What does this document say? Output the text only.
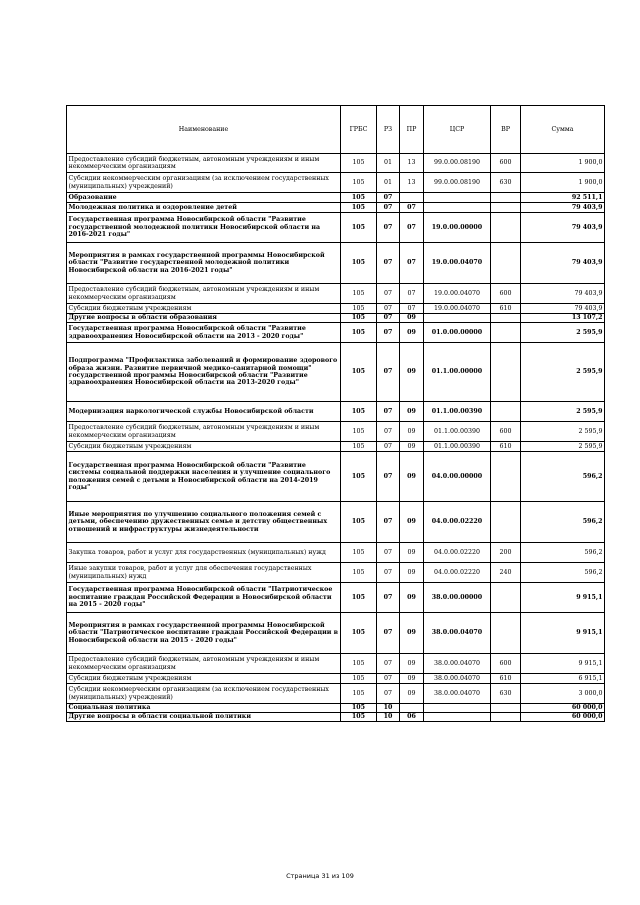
Наименование	ГРБС	РЗ	ПР	ЦСР	ВР	Сумма
Предоставление субсидий бюджетным, автономным учреждениям и иным некоммерческим организациям	105	01	13	99.0.00.08190	600	1 900,0
Субсидии некоммерческим организациям (за исключением государственных (муниципальных) учреждений)	105	01	13	99.0.00.08190	630	1 900,0
Образование	105	07				92 511,1
Молодежная политика и оздоровление детей	105	07	07			79 403,9
Государственная программа Новосибирской области "Развитие государственной молодежной политики Новосибирской области на 2016-2021 годы"	105	07	07	19.0.00.00000		79 403,9
Мероприятия в рамках государственной программы Новосибирской области "Развитие государственной молодежной политики Новосибирской области на 2016-2021 годы"	105	07	07	19.0.00.04070		79 403,9
Предоставление субсидий бюджетным, автономным учреждениям и иным некоммерческим организациям	105	07	07	19.0.00.04070	600	79 403,9
Субсидии бюджетным учреждениям	105	07	07	19.0.00.04070	610	79 403,9
Другие вопросы в области образования	105	07	09			13 107,2
Государственная программа Новосибирской области "Развитие здравоохранения Новосибирской области на 2013 - 2020 годы"	105	07	09	01.0.00.00000		2 595,9
Подпрограмма "Профилактика заболеваний и формирование здорового образа жизни. Развитие первичной медико-санитарной помощи" государственной программы Новосибирской области "Развитие здравоохранения Новосибирской области на 2013-2020 годы"	105	07	09	01.1.00.00000		2 595,9
Модернизация наркологической службы Новосибирской области	105	07	09	01.1.00.00390		2 595,9
Предоставление субсидий бюджетным, автономным учреждениям и иным некоммерческим организациям	105	07	09	01.1.00.00390	600	2 595,9
Субсидии бюджетным учреждениям	105	07	09	01.1.00.00390	610	2 595,9
Государственная программа Новосибирской области "Развитие системы социальной поддержки населения и улучшение социального положения семей с детьми в Новосибирской области на 2014-2019 годы"	105	07	09	04.0.00.00000		596,2
Иные мероприятия по улучшению социального положения семей с детьми, обеспечению дружественных семье и детству общественных отношений и инфраструктуры жизнедеятельности	105	07	09	04.0.00.02220		596,2
Закупка товаров, работ и услуг для государственных (муниципальных) нужд	105	07	09	04.0.00.02220	200	596,2
Иные закупки товаров, работ и услуг для обеспечения государственных (муниципальных) нужд	105	07	09	04.0.00.02220	240	596,2
Государственная программа Новосибирской области "Патриотическое воспитание граждан Российской Федерации в Новосибирской области на 2015 - 2020 годы"	105	07	09	38.0.00.00000		9 915,1
Мероприятия в рамках государственной программы Новосибирской области "Патриотическое воспитание граждан Российской Федерации в Новосибирской области на 2015 - 2020 годы"	105	07	09	38.0.00.04070		9 915,1
Предоставление субсидий бюджетным, автономным учреждениям и иным некоммерческим организациям	105	07	09	38.0.00.04070	600	9 915,1
Субсидии бюджетным учреждениям	105	07	09	38.0.00.04070	610	6 915,1
Субсидии некоммерческим организациям (за исключением государственных (муниципальных) учреждений)	105	07	09	38.0.00.04070	630	3 000,0
Социальная политика	105	10				60 000,0
Другие вопросы в области социальной политики	105	10	06			60 000,0
Страница 31 из 109
